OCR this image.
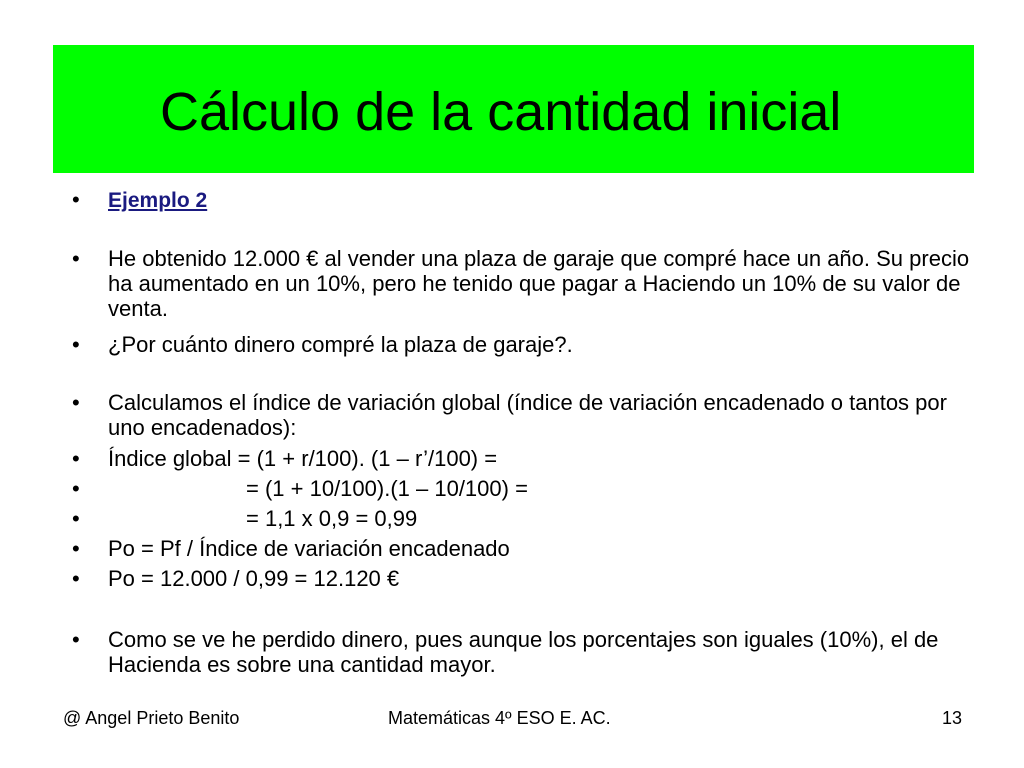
Cálculo de la cantidad inicial
• Ejemplo 2
• He obtenido 12.000 € al vender una plaza de garaje que compré hace un año. Su precio ha aumentado en un 10%, pero he tenido que pagar a Haciendo un 10% de su valor de venta.
• ¿Por cuánto dinero compré la plaza de garaje?.
• Calculamos el índice de variación global (índice de variación encadenado o tantos por uno encadenados):
• Índice global = (1 + r/100). (1 – r’/100) =
•	= (1 + 10/100).(1 – 10/100) =
•	= 1,1 x 0,9 = 0,99
• Po = Pf / Índice de variación encadenado
• Po = 12.000 / 0,99 = 12.120 €
• Como se ve he perdido dinero, pues aunque los porcentajes son iguales (10%), el de Hacienda es sobre una cantidad mayor.
@ Angel Prieto Benito	Matemáticas 4º ESO E. AC.	13
